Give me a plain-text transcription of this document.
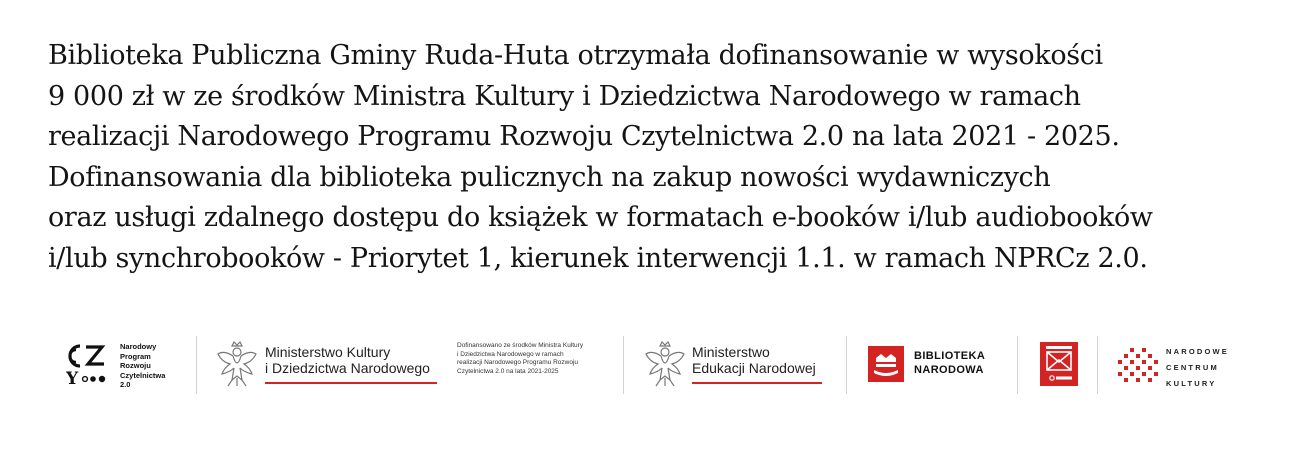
Biblioteka Publiczna Gminy Ruda-Huta otrzymała dofinansowanie w wysokości

9 000 zł w ze środków Ministra Kultury i Dziedzictwa Narodowego w ramach

realizacji Narodowego Programu Rozwoju Czytelnictwa 2.0 na lata 2021 - 2025.

Dofinansowania dla biblioteka pulicznych na zakup nowości wydawniczych

oraz usługi zdalnego dostępu do książek w formatach e-booków i/lub audiobooków

i/lub synchrobooków - Priorytet 1, kierunek interwencji 1.1. w ramach NPRCz 2.0.

Y
Narodowy
Program
Rozwoju
Czytelnictwa
2.0
Ministerstwo Kultury
i Dziedzictwa Narodowego
Dofinansowano ze środków Ministra Kultury
i Dziedzictwa Narodowego w ramach
realizacji Narodowego Programu Rozwoju
Czytelnictwa 2.0 na lata 2021-2025
Ministerstwo
Edukacji Narodowej
BIBLIOTEKA
NARODOWA
NARODOWE
CENTRUM
KULTURY
